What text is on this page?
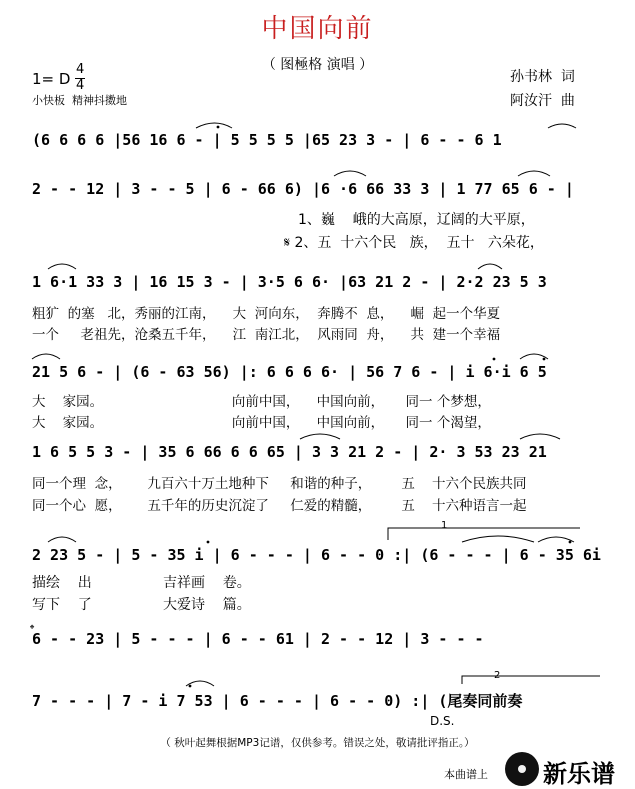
中国向前
（ 图極格 演唱 ）
1= D
4
4
小快板  精神抖擞地
孙书林  词
阿汝汗  曲
(6 6 6 6 |56 16 6 - | 5 5 5 5 |65 23 3 - | 6 - - 6 1
2 - - 12 | 3 - - 5 | 6 - 66 6) |6 ·6 66 33 3 | 1 77 65 6 - |
1、巍    峨的大高原，辽阔的大平原，
𝄋 2、五  十六个民   族，  五十   六朵花，
1 6·1 33 3 | 16 15 3 - | 3·5 6 6· |63 21 2 - | 2·2 23 5 3
粗犷  的塞   北，秀丽的江南，    大  河向东，  奔腾不  息，    崛  起一个华夏
一个     老祖先，沧桑五千年，    江  南江北，  风雨同  舟，    共  建一个幸福
21 5 6 - | (6 - 63 56) |: 6 6 6 6· | 56 7 6 - | i 6·i 6 5
大    家园。                              向前中国，    中国向前，     同一 个梦想，
大    家园。                              向前中国，    中国向前，     同一 个渴望，
1 6 5 5 3 - | 35 6 66 6 6 65 | 3 3 21 2 - | 2· 3 53 23 21
同一个理  念，      九百六十万土地种下     和谐的种子，       五    十六个民族共同
同一个心  愿，      五千年的历史沉淀了     仁爱的精髓，       五    十六种语言一起
1
2 23 5 - | 5 - 35 i | 6 - - - | 6 - - 0 :| (6 - - - | 6 - 35 6i
描绘    出                吉祥画    卷。
写下    了                大爱诗    篇。
𝄌
6 - - 23 | 5 - - - | 6 - - 61 | 2 - - 12 | 3 - - -
2
7 - - - | 7 - i 7 53 | 6 - - - | 6 - - 0) :| (尾奏同前奏
D.S.
（ 秋叶起舞根据MP3记谱，仅供参考。错误之处，敬请批评指正。）
本曲谱上 新乐谱
